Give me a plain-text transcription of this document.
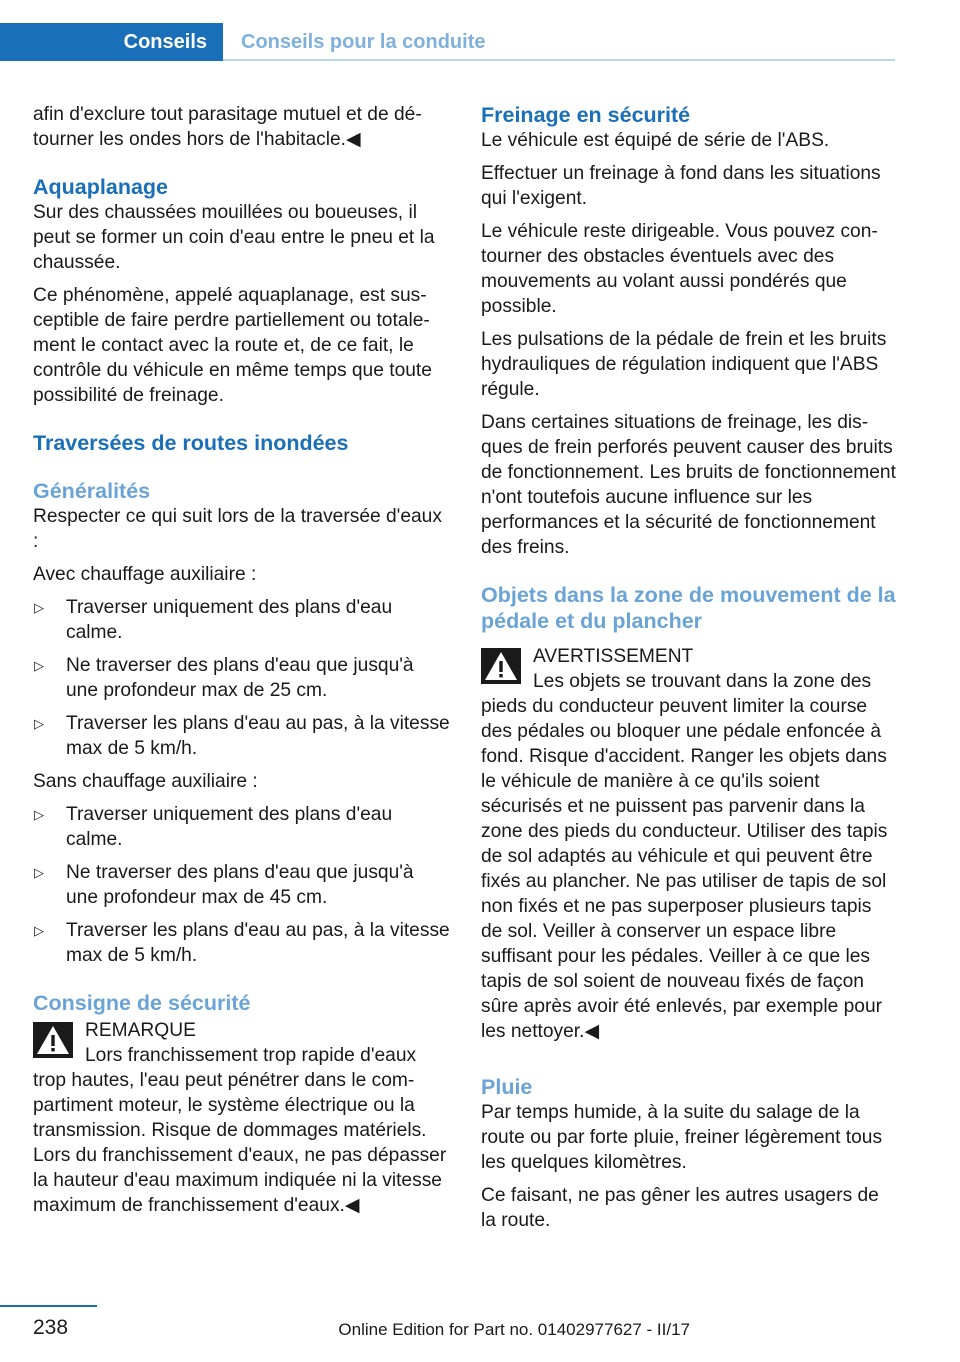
Conseils	Conseils pour la conduite

afin d'exclure tout parasitage mutuel et de détourner les ondes hors de l'habitacle.◀

Aquaplanage

Sur des chaussées mouillées ou boueuses, il peut se former un coin d'eau entre le pneu et la chaussée.

Ce phénomène, appelé aquaplanage, est susceptible de faire perdre partiellement ou totalement le contact avec la route et, de ce fait, le contrôle du véhicule en même temps que toute possibilité de freinage.

Traversées de routes inondées
Généralités

Respecter ce qui suit lors de la traversée d'eaux :

Avec chauffage auxiliaire :

▷ Traverser uniquement des plans d'eau calme.
▷ Ne traverser des plans d'eau que jusqu'à une profondeur max de 25 cm.
▷ Traverser les plans d'eau au pas, à la vitesse max de 5 km/h.

Sans chauffage auxiliaire :

▷ Traverser uniquement des plans d'eau calme.
▷ Ne traverser des plans d'eau que jusqu'à une profondeur max de 45 cm.
▷ Traverser les plans d'eau au pas, à la vitesse max de 5 km/h.
Consigne de sécurité
REMARQUE
Lors franchissement trop rapide d'eaux trop hautes, l'eau peut pénétrer dans le compartiment moteur, le système électrique ou la transmission. Risque de dommages matériels. Lors du franchissement d'eaux, ne pas dépasser la hauteur d'eau maximum indiquée ni la vitesse maximum de franchissement d'eaux.◀
Freinage en sécurité

Le véhicule est équipé de série de l'ABS.

Effectuer un freinage à fond dans les situations qui l'exigent.

Le véhicule reste dirigeable. Vous pouvez contourner des obstacles éventuels avec des mouvements au volant aussi pondérés que possible.

Les pulsations de la pédale de frein et les bruits hydrauliques de régulation indiquent que l'ABS régule.

Dans certaines situations de freinage, les disques de frein perforés peuvent causer des bruits de fonctionnement. Les bruits de fonctionnement n'ont toutefois aucune influence sur les performances et la sécurité de fonctionnement des freins.

Objets dans la zone de mouvement de la pédale et du plancher
AVERTISSEMENT
Les objets se trouvant dans la zone des pieds du conducteur peuvent limiter la course des pédales ou bloquer une pédale enfoncée à fond. Risque d'accident. Ranger les objets dans le véhicule de manière à ce qu'ils soient sécurisés et ne puissent pas parvenir dans la zone des pieds du conducteur. Utiliser des tapis de sol adaptés au véhicule et qui peuvent être fixés au plancher. Ne pas utiliser de tapis de sol non fixés et ne pas superposer plusieurs tapis de sol. Veiller à conserver un espace libre suffisant pour les pédales. Veiller à ce que les tapis de sol soient de nouveau fixés de façon sûre après avoir été enlevés, par exemple pour les nettoyer.◀
Pluie

Par temps humide, à la suite du salage de la route ou par forte pluie, freiner légèrement tous les quelques kilomètres.

Ce faisant, ne pas gêner les autres usagers de la route.

238	Online Edition for Part no. 01402977627 - II/17
